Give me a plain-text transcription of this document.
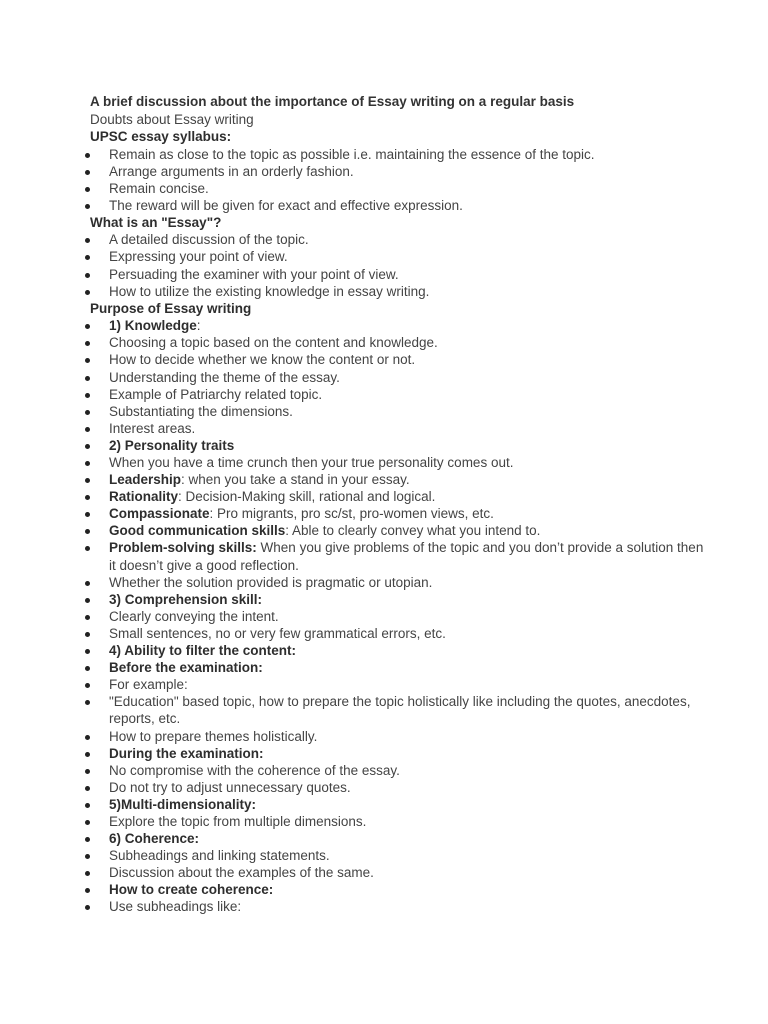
A brief discussion about the importance of Essay writing on a regular basis

Doubts about Essay writing

UPSC essay syllabus:

Remain as close to the topic as possible i.e. maintaining the essence of the topic.
Arrange arguments in an orderly fashion.
Remain concise.
The reward will be given for exact and effective expression.

What is an "Essay"?

A detailed discussion of the topic.
Expressing your point of view.
Persuading the examiner with your point of view.
How to utilize the existing knowledge in essay writing.

Purpose of Essay writing

1) Knowledge:
Choosing a topic based on the content and knowledge.
How to decide whether we know the content or not.
Understanding the theme of the essay.
Example of Patriarchy related topic.
Substantiating the dimensions.
Interest areas.
2) Personality traits
When you have a time crunch then your true personality comes out.
Leadership: when you take a stand in your essay.
Rationality: Decision-Making skill, rational and logical.
Compassionate: Pro migrants, pro sc/st, pro-women views, etc.
Good communication skills: Able to clearly convey what you intend to.
Problem-solving skills: When you give problems of the topic and you don’t provide a solution then it doesn’t give a good reflection.
Whether the solution provided is pragmatic or utopian.
3) Comprehension skill:
Clearly conveying the intent.
Small sentences, no or very few grammatical errors, etc.
4) Ability to filter the content:
Before the examination:
For example:
"Education" based topic, how to prepare the topic holistically like including the quotes, anecdotes, reports, etc.
How to prepare themes holistically.
During the examination:
No compromise with the coherence of the essay.
Do not try to adjust unnecessary quotes.
5)Multi-dimensionality:
Explore the topic from multiple dimensions.
6) Coherence:
Subheadings and linking statements.
Discussion about the examples of the same.
How to create coherence:
Use subheadings like:
